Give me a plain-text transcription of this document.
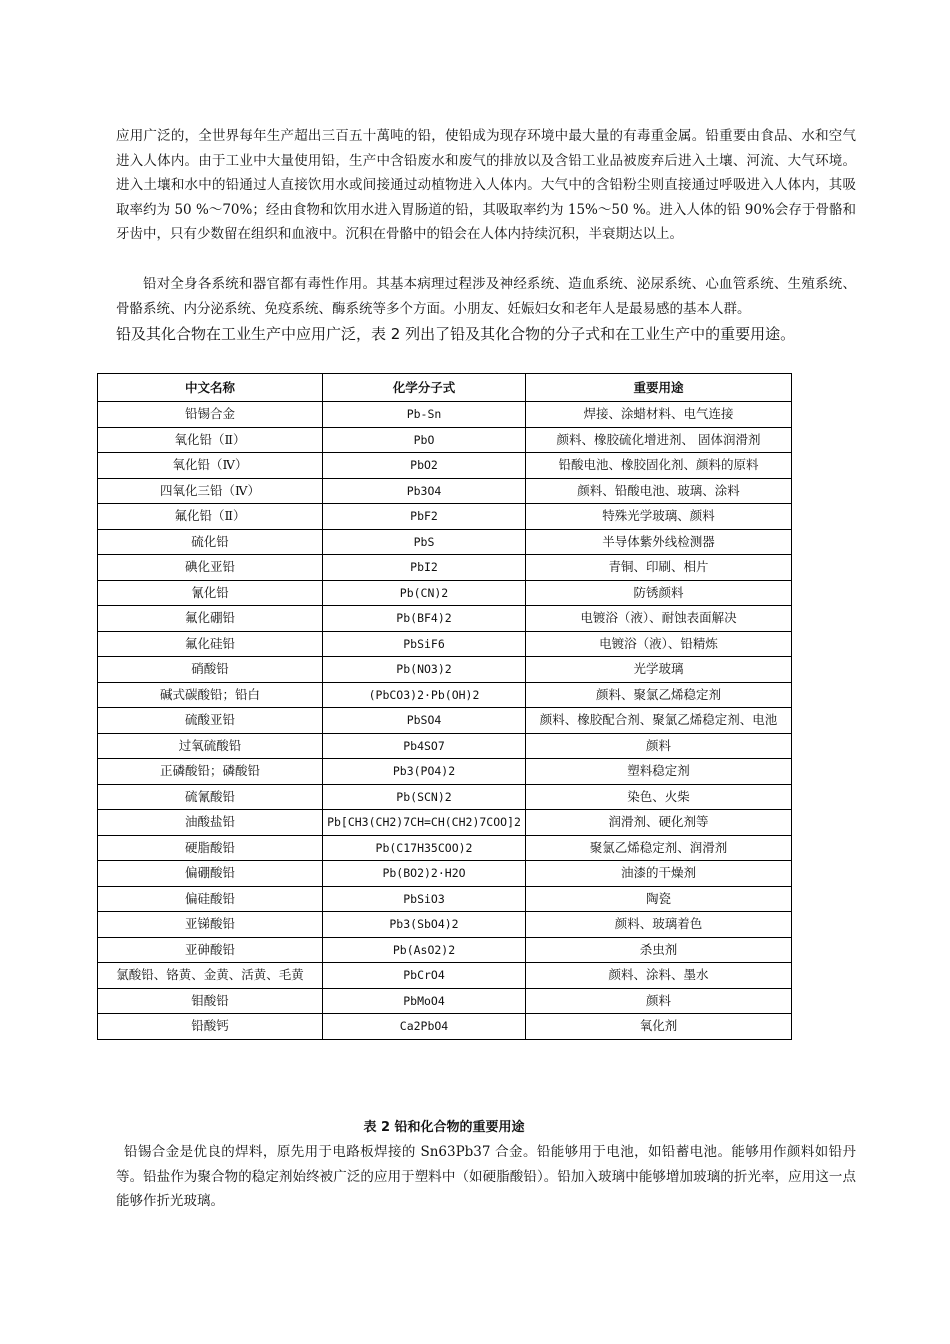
应用广泛的，全世界每年生产超出三百五十萬吨的铅，使铅成为现存环境中最大量的有毒重金属。铅重要由食品、水和空气进入人体内。由于工业中大量使用铅，生产中含铅废水和废气的排放以及含铅工业品被废弃后进入土壤、河流、大气环境。进入土壤和水中的铅通过人直接饮用水或间接通过动植物进入人体内。大气中的含铅粉尘则直接通过呼吸进入人体内，其吸取率约为 50 %～70%；经由食物和饮用水进入胃肠道的铅，其吸取率约为 15%～50 %。进入人体的铅 90%会存于骨骼和牙齿中，只有少数留在组织和血液中。沉积在骨骼中的铅会在人体内持续沉积，半衰期达以上。

铅对全身各系统和器官都有毒性作用。其基本病理过程涉及神经系统、造血系统、泌尿系统、心血管系统、生殖系统、骨骼系统、内分泌系统、免疫系统、酶系统等多个方面。小朋友、妊娠妇女和老年人是最易感的基本人群。

铅及其化合物在工业生产中应用广泛，表 2 列出了铅及其化合物的分子式和在工业生产中的重要用途。

中文名称	化学分子式	重要用途
铅锡合金	Pb-Sn	焊接、涂蜡材料、电气连接
氧化铅（Ⅱ）	PbO	颜料、橡胶硫化增进剂、 固体润滑剂
氧化铅（Ⅳ）	PbO2	铅酸电池、橡胶固化剂、颜料的原料
四氧化三铅（Ⅳ）	Pb3O4	颜料、铅酸电池、玻璃、涂料
氟化铅（Ⅱ）	PbF2	特殊光学玻璃、颜料
硫化铅	PbS	半导体紫外线检测器
碘化亚铅	PbI2	青铜、印刷、相片
氰化铅	Pb(CN)2	防锈颜料
氟化硼铅	Pb(BF4)2	电镀浴（液）、耐蚀表面解决
氟化硅铅	PbSiF6	电镀浴（液）、铅精炼
硝酸铅	Pb(NO3)2	光学玻璃
碱式碳酸铅；铅白	(PbCO3)2·Pb(OH)2	颜料、聚氯乙烯稳定剂
硫酸亚铅	PbSO4	颜料、橡胶配合剂、聚氯乙烯稳定剂、电池
过氧硫酸铅	Pb4SO7	颜料
正磷酸铅；磷酸铅	Pb3(PO4)2	塑料稳定剂
硫氰酸铅	Pb(SCN)2	染色、火柴
油酸盐铅	Pb[CH3(CH2)7CH=CH(CH2)7COO]2	润滑剂、硬化剂等
硬脂酸铅	Pb(C17H35COO)2	聚氯乙烯稳定剂、润滑剂
偏硼酸铅	Pb(BO2)2·H2O	油漆的干燥剂
偏硅酸铅	PbSiO3	陶瓷
亚锑酸铅	Pb3(SbO4)2	颜料、玻璃着色
亚砷酸铅	Pb(AsO2)2	杀虫剂
氯酸铅、铬黄、金黄、活黄、毛黄	PbCrO4	颜料、涂料、墨水
钼酸铅	PbMoO4	颜料
铅酸钙	Ca2PbO4	氧化剂
表 2 铅和化合物的重要用途

铅锡合金是优良的焊料，原先用于电路板焊接的 Sn63Pb37 合金。铅能够用于电池，如铅蓄电池。能够用作颜料如铅丹等。铅盐作为聚合物的稳定剂始终被广泛的应用于塑料中（如硬脂酸铅）。铅加入玻璃中能够增加玻璃的折光率，应用这一点能够作折光玻璃。
